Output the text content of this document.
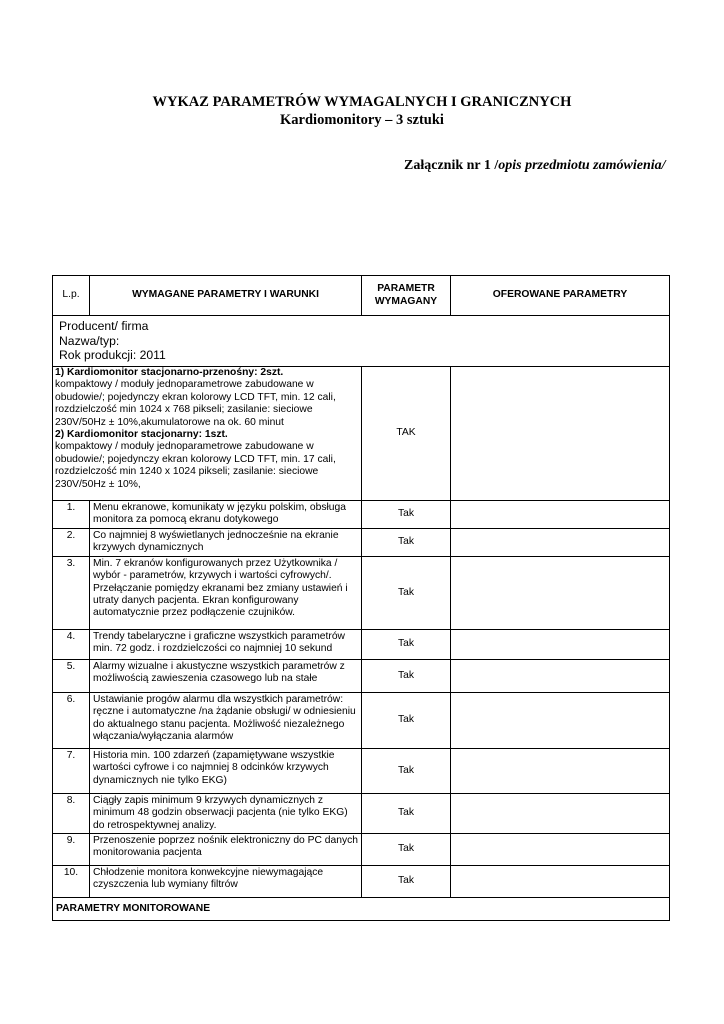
WYKAZ PARAMETRÓW WYMAGALNYCH I GRANICZNYCH
Kardiomonitory – 3 sztuki
Załącznik nr 1 /opis przedmiotu zamówienia/
L.p.	WYMAGANE PARAMETRY I WARUNKI	PARAMETR WYMAGANY	OFEROWANE PARAMETRY

Producent/ firma
Nazwa/typ:
Rok produkcji: 2011			

1) Kardiomonitor stacjonarno-przenośny: 2szt.
kompaktowy / moduły jednoparametrowe zabudowane w obudowie/; pojedynczy ekran kolorowy LCD TFT, min. 12 cali, rozdzielczość min 1024 x 768 pikseli; zasilanie: sieciowe 230V/50Hz ± 10%,akumulatorowe na ok. 60 minut
2) Kardiomonitor stacjonarny: 1szt.
kompaktowy / moduły jednoparametrowe zabudowane w obudowie/; pojedynczy ekran kolorowy LCD TFT, min. 17 cali, rozdzielczość min 1240 x 1024 pikseli; zasilanie: sieciowe 230V/50Hz ± 10%,		TAK	
1.	Menu ekranowe, komunikaty w języku polskim, obsługa monitora za pomocą ekranu dotykowego	Tak	
2.	Co najmniej 8 wyświetlanych jednocześnie na ekranie krzywych dynamicznych	Tak	
3.	Min. 7 ekranów konfigurowanych przez Użytkownika / wybór - parametrów, krzywych i wartości cyfrowych/. Przełączanie pomiędzy ekranami bez zmiany ustawień i utraty danych pacjenta. Ekran konfigurowany automatycznie przez podłączenie czujników.	Tak	
4.	Trendy tabelaryczne i graficzne wszystkich parametrów min. 72 godz. i rozdzielczości co najmniej 10 sekund	Tak	
5.	Alarmy wizualne i akustyczne wszystkich parametrów z możliwością zawieszenia czasowego lub na stałe	Tak	
6.	Ustawianie progów alarmu dla wszystkich parametrów: ręczne i automatyczne /na żądanie obsługi/ w odniesieniu do aktualnego stanu pacjenta. Możliwość niezależnego włączania/wyłączania alarmów	Tak	
7.	Historia min. 100 zdarzeń (zapamiętywane wszystkie wartości cyfrowe i co najmniej 8 odcinków krzywych dynamicznych nie tylko EKG)	Tak	
8.	Ciągły zapis minimum 9 krzywych dynamicznych z minimum 48 godzin obserwacji pacjenta (nie tylko EKG) do retrospektywnej analizy.	Tak	
9.	Przenoszenie poprzez nośnik elektroniczny do PC danych monitorowania pacjenta	Tak	
10.	Chłodzenie monitora konwekcyjne niewymagające czyszczenia lub wymiany filtrów	Tak	
PARAMETRY MONITOROWANE			
